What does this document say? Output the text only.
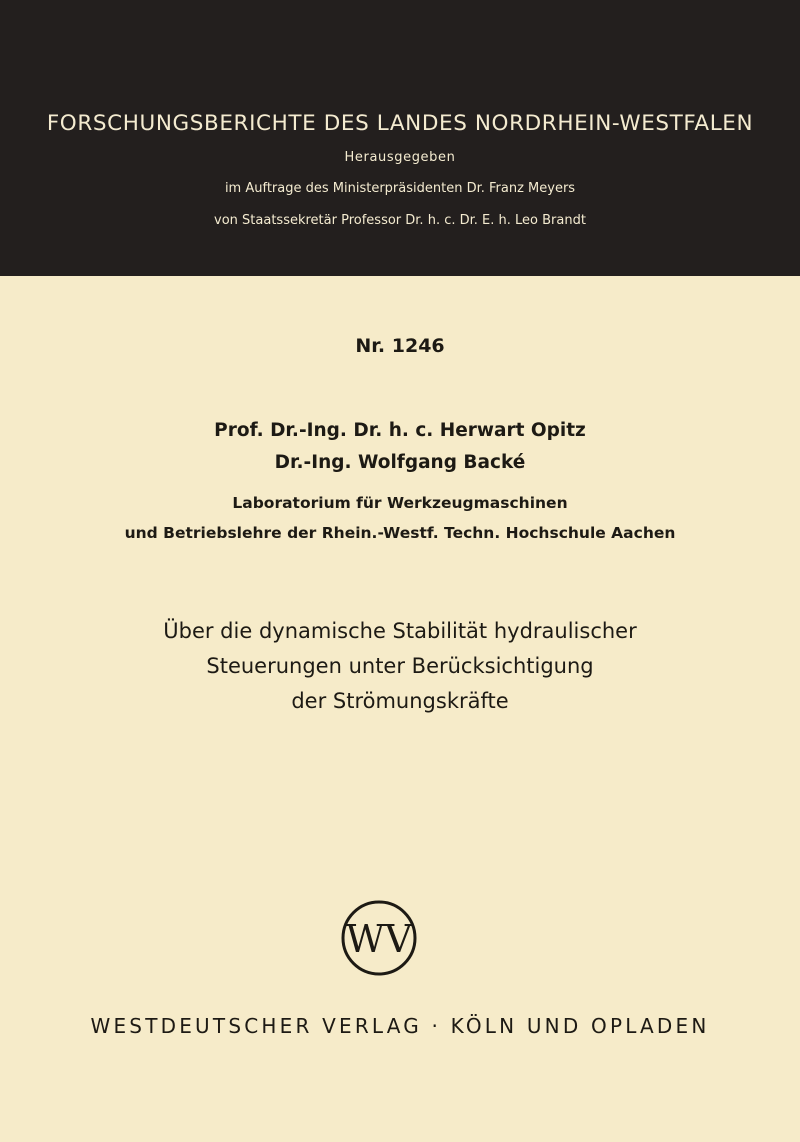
FORSCHUNGSBERICHTE DES LANDES NORDRHEIN-WESTFALEN
Herausgegeben
im Auftrage des Ministerpräsidenten Dr. Franz Meyers
von Staatssekretär Professor Dr. h. c. Dr. E. h. Leo Brandt
Nr. 1246
Prof. Dr.-Ing. Dr. h. c. Herwart Opitz
Dr.-Ing. Wolfgang Backé
Laboratorium für Werkzeugmaschinen
und Betriebslehre der Rhein.-Westf. Techn. Hochschule Aachen
Über die dynamische Stabilität hydraulischer
Steuerungen unter Berücksichtigung
der Strömungskräfte
WV
WESTDEUTSCHER VERLAG · KÖLN UND OPLADEN
